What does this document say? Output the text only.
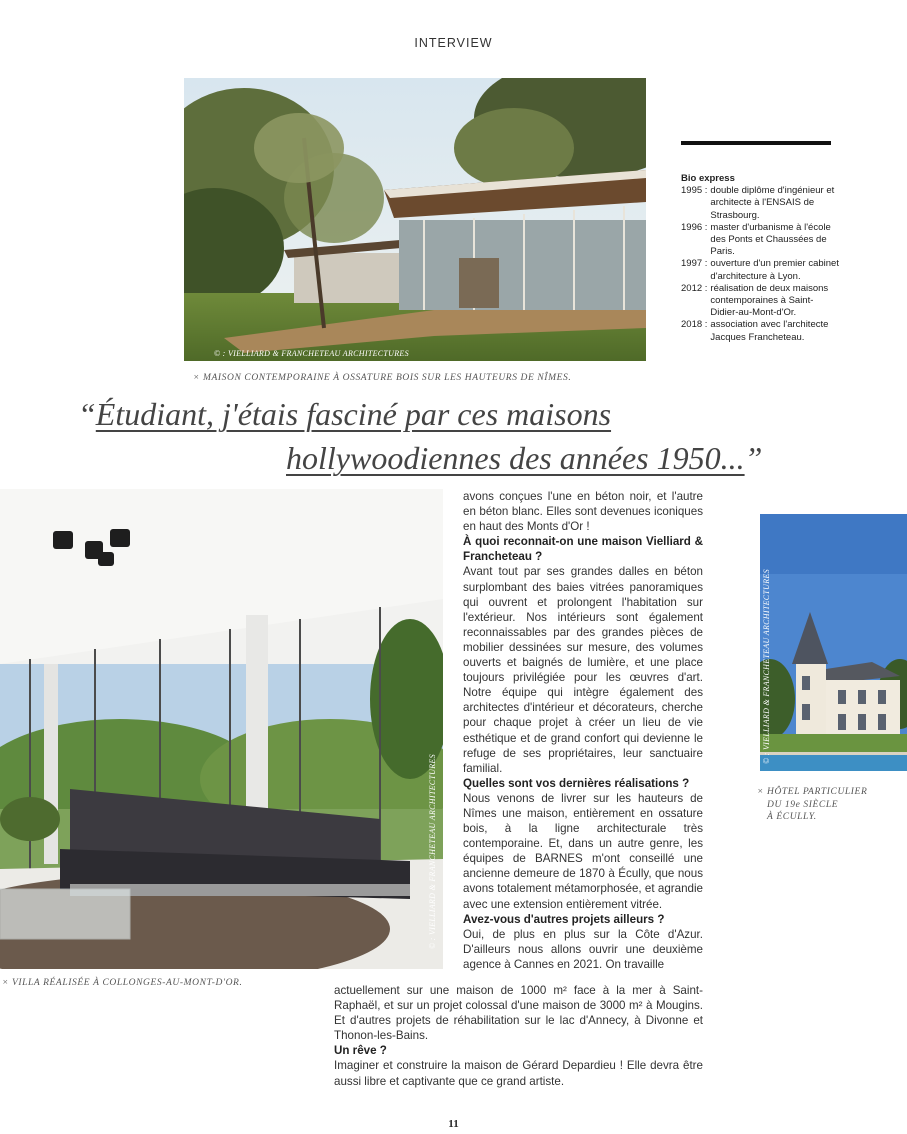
INTERVIEW
© : VIELLIARD & FRANCHETEAU ARCHITECTURES
× MAISON CONTEMPORAINE À OSSATURE BOIS SUR LES HAUTEURS DE NÎMES.
Bio express
1995 : double diplôme d'ingénieur et architecte à l'ENSAIS de Strasbourg.
1996 : master d'urbanisme à l'école des Ponts et Chaussées de Paris.
1997 : ouverture d'un premier cabinet d'architecture à Lyon.
2012 : réalisation de deux maisons contemporaines à Saint-Didier-au-Mont-d'Or.
2018 : association avec l'architecte Jacques Francheteau.
“Étudiant, j'étais fasciné par ces maisons
hollywoodiennes des années 1950...”
© : VIELLIARD & FRANCHETEAU ARCHITECTURES
× VILLA RÉALISÉE À COLLONGES-AU-MONT-D'OR.
© : VIELLIARD & FRANCHETEAU ARCHITECTURES
× HÔTEL PARTICULIER
DU 19e SIÈCLE
À ÉCULLY.

avons conçues l'une en béton noir, et l'autre en béton blanc. Elles sont devenues iconiques en haut des Monts d'Or !

À quoi reconnait-on une maison Vielliard & Francheteau ?

Avant tout par ses grandes dalles en béton surplombant des baies vitrées panoramiques qui ouvrent et prolongent l'habitation sur l'extérieur. Nos intérieurs sont également reconnaissables par des grandes pièces de mobilier dessinées sur mesure, des volumes ouverts et baignés de lumière, et une place toujours privilégiée pour les œuvres d'art. Notre équipe qui intègre également des architectes d'intérieur et décorateurs, cherche pour chaque projet à créer un lieu de vie esthétique et de grand confort qui devienne le refuge de ses propriétaires, leur sanctuaire familial.

Quelles sont vos dernières réalisations ?

Nous venons de livrer sur les hauteurs de Nîmes une maison, entièrement en ossature bois, à la ligne architecturale très contemporaine. Et, dans un autre genre, les équipes de BARNES m'ont conseillé une ancienne demeure de 1870 à Écully, que nous avons totalement métamorphosée, et agrandie avec une extension entièrement vitrée.

Avez-vous d'autres projets ailleurs ?

Oui, de plus en plus sur la Côte d'Azur. D'ailleurs nous allons ouvrir une deuxième agence à Cannes en 2021. On travaille

actuellement sur une maison de 1000 m² face à la mer à Saint-Raphaël, et sur un projet colossal d'une maison de 3000 m² à Mougins. Et d'autres projets de réhabilitation sur le lac d'Annecy, à Divonne et Thonon-les-Bains.

Un rêve ?

Imaginer et construire la maison de Gérard Depardieu ! Elle devra être aussi libre et captivante que ce grand artiste.

11
